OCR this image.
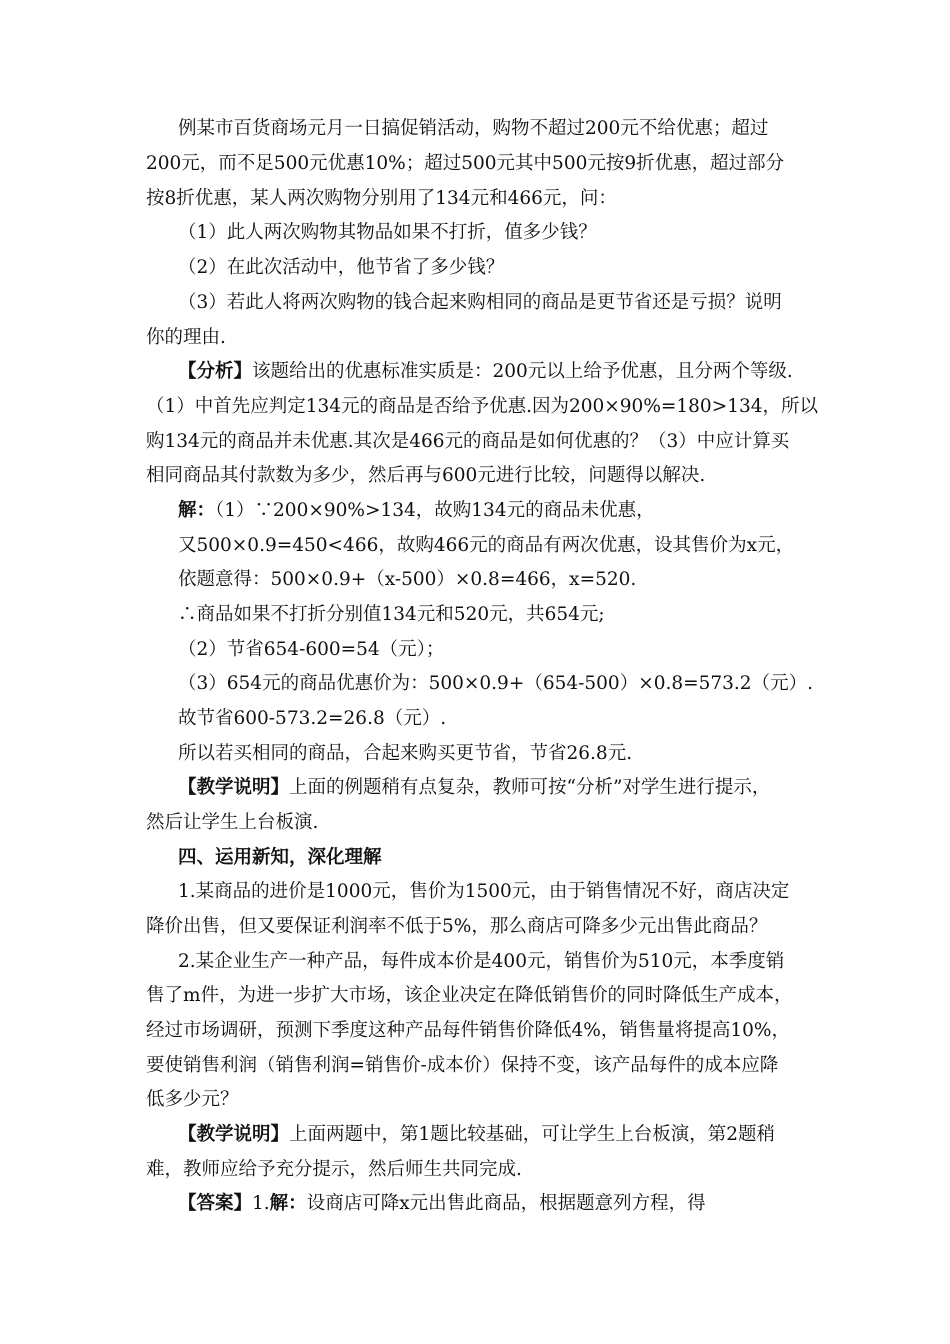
例某市百货商场元月一日搞促销活动，购物不超过200元不给优惠；超过
200元，而不足500元优惠10%；超过500元其中500元按9折优惠，超过部分
按8折优惠，某人两次购物分别用了134元和466元，问：
（1）此人两次购物其物品如果不打折，值多少钱？
（2）在此次活动中，他节省了多少钱？
（3）若此人将两次购物的钱合起来购相同的商品是更节省还是亏损？说明
你的理由.
【分析】该题给出的优惠标准实质是：200元以上给予优惠，且分两个等级.
（1）中首先应判定134元的商品是否给予优惠.因为200×90%=180>134，所以
购134元的商品并未优惠.其次是466元的商品是如何优惠的？（3）中应计算买
相同商品其付款数为多少，然后再与600元进行比较，问题得以解决.
解：（1）∵200×90%>134，故购134元的商品未优惠，
又500×0.9=450<466，故购466元的商品有两次优惠，设其售价为x元，
依题意得：500×0.9+（x-500）×0.8=466，x=520.
∴商品如果不打折分别值134元和520元，共654元;
（2）节省654-600=54（元）；
（3）654元的商品优惠价为：500×0.9+（654-500）×0.8=573.2（元）.
故节省600-573.2=26.8（元）.
所以若买相同的商品，合起来购买更节省，节省26.8元.
【教学说明】上面的例题稍有点复杂，教师可按“分析”对学生进行提示，
然后让学生上台板演.
四、运用新知，深化理解
1.某商品的进价是1000元，售价为1500元，由于销售情况不好，商店决定
降价出售，但又要保证利润率不低于5%，那么商店可降多少元出售此商品？
2.某企业生产一种产品，每件成本价是400元，销售价为510元，本季度销
售了m件，为进一步扩大市场，该企业决定在降低销售价的同时降低生产成本，
经过市场调研，预测下季度这种产品每件销售价降低4%，销售量将提高10%，
要使销售利润（销售利润=销售价-成本价）保持不变，该产品每件的成本应降
低多少元？
【教学说明】上面两题中，第1题比较基础，可让学生上台板演，第2题稍
难，教师应给予充分提示，然后师生共同完成.
【答案】1.解：设商店可降x元出售此商品，根据题意列方程，得
